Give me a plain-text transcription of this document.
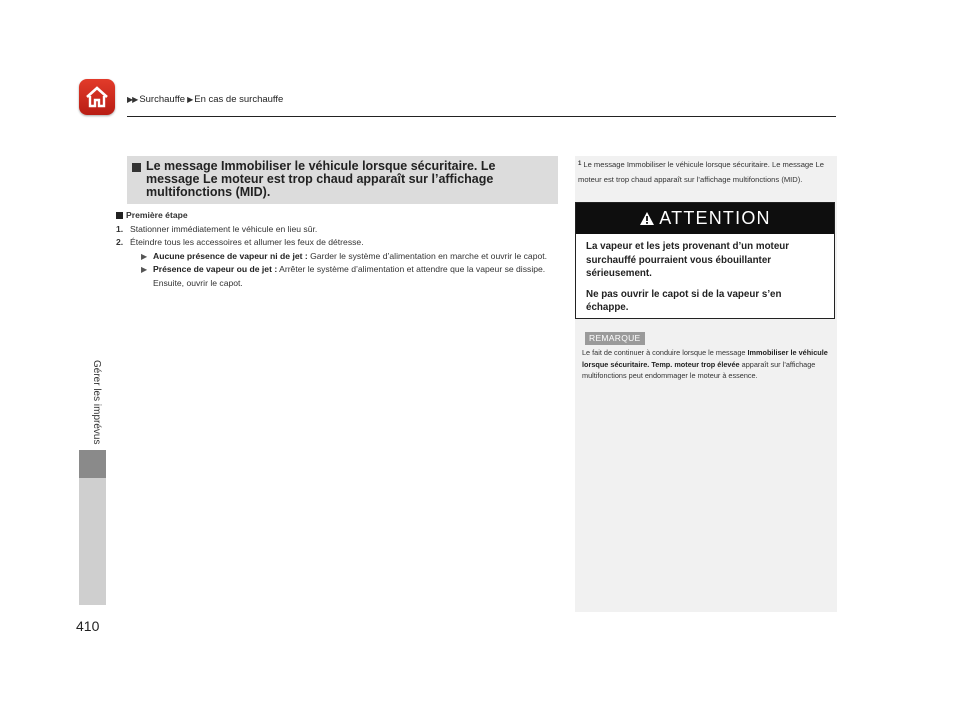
▶▶ Surchauffe ▶ En cas de surchauffe
Gérer les imprévus
410
Le message Immobiliser le véhicule lorsque sécuritaire. Le message Le moteur est trop chaud apparaît sur l’affichage multifonctions (MID).
Première étape
1. Stationner immédiatement le véhicule en lieu sûr.
2. Éteindre tous les accessoires et allumer les feux de détresse.
▶ Aucune présence de vapeur ni de jet : Garder le système d’alimentation en marche et ouvrir le capot.
▶ Présence de vapeur ou de jet : Arrêter le système d’alimentation et attendre que la vapeur se dissipe. Ensuite, ouvrir le capot.
$^1$ Le message Immobiliser le véhicule lorsque sécuritaire. Le message Le moteur est trop chaud apparaît sur l’affichage multifonctions (MID).
ATTENTION

La vapeur et les jets provenant d’un moteur surchauffé pourraient vous ébouillanter sérieusement.

Ne pas ouvrir le capot si de la vapeur s’en échappe.

REMARQUE
Le fait de continuer à conduire lorsque le message Immobiliser le véhicule lorsque sécuritaire. Temp. moteur trop élevée apparaît sur l’affichage multifonctions peut endommager le moteur à essence.
